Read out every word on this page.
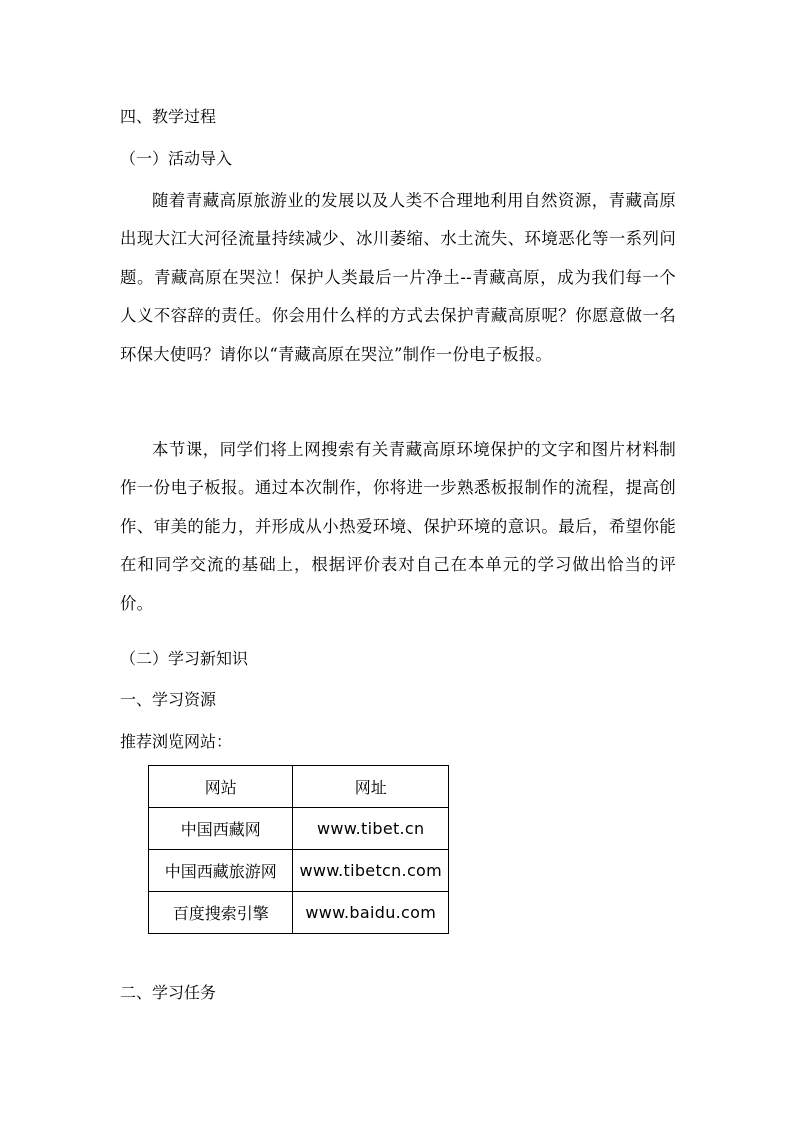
四、教学过程
（一）活动导入
随着青藏高原旅游业的发展以及人类不合理地利用自然资源，青藏高原出现大江大河径流量持续减少、冰川萎缩、水土流失、环境恶化等一系列问题。青藏高原在哭泣！保护人类最后一片净土--青藏高原，成为我们每一个人义不容辞的责任。你会用什么样的方式去保护青藏高原呢？你愿意做一名环保大使吗？请你以“青藏高原在哭泣”制作一份电子板报。
本节课，同学们将上网搜索有关青藏高原环境保护的文字和图片材料制作一份电子板报。通过本次制作，你将进一步熟悉板报制作的流程，提高创作、审美的能力，并形成从小热爱环境、保护环境的意识。最后，希望你能在和同学交流的基础上，根据评价表对自己在本单元的学习做出恰当的评价。
（二）学习新知识
一、学习资源
推荐浏览网站：
网站	网址
中国西藏网	www.tibet.cn
中国西藏旅游网	www.tibetcn.com
百度搜索引擎	www.baidu.com
二、学习任务
